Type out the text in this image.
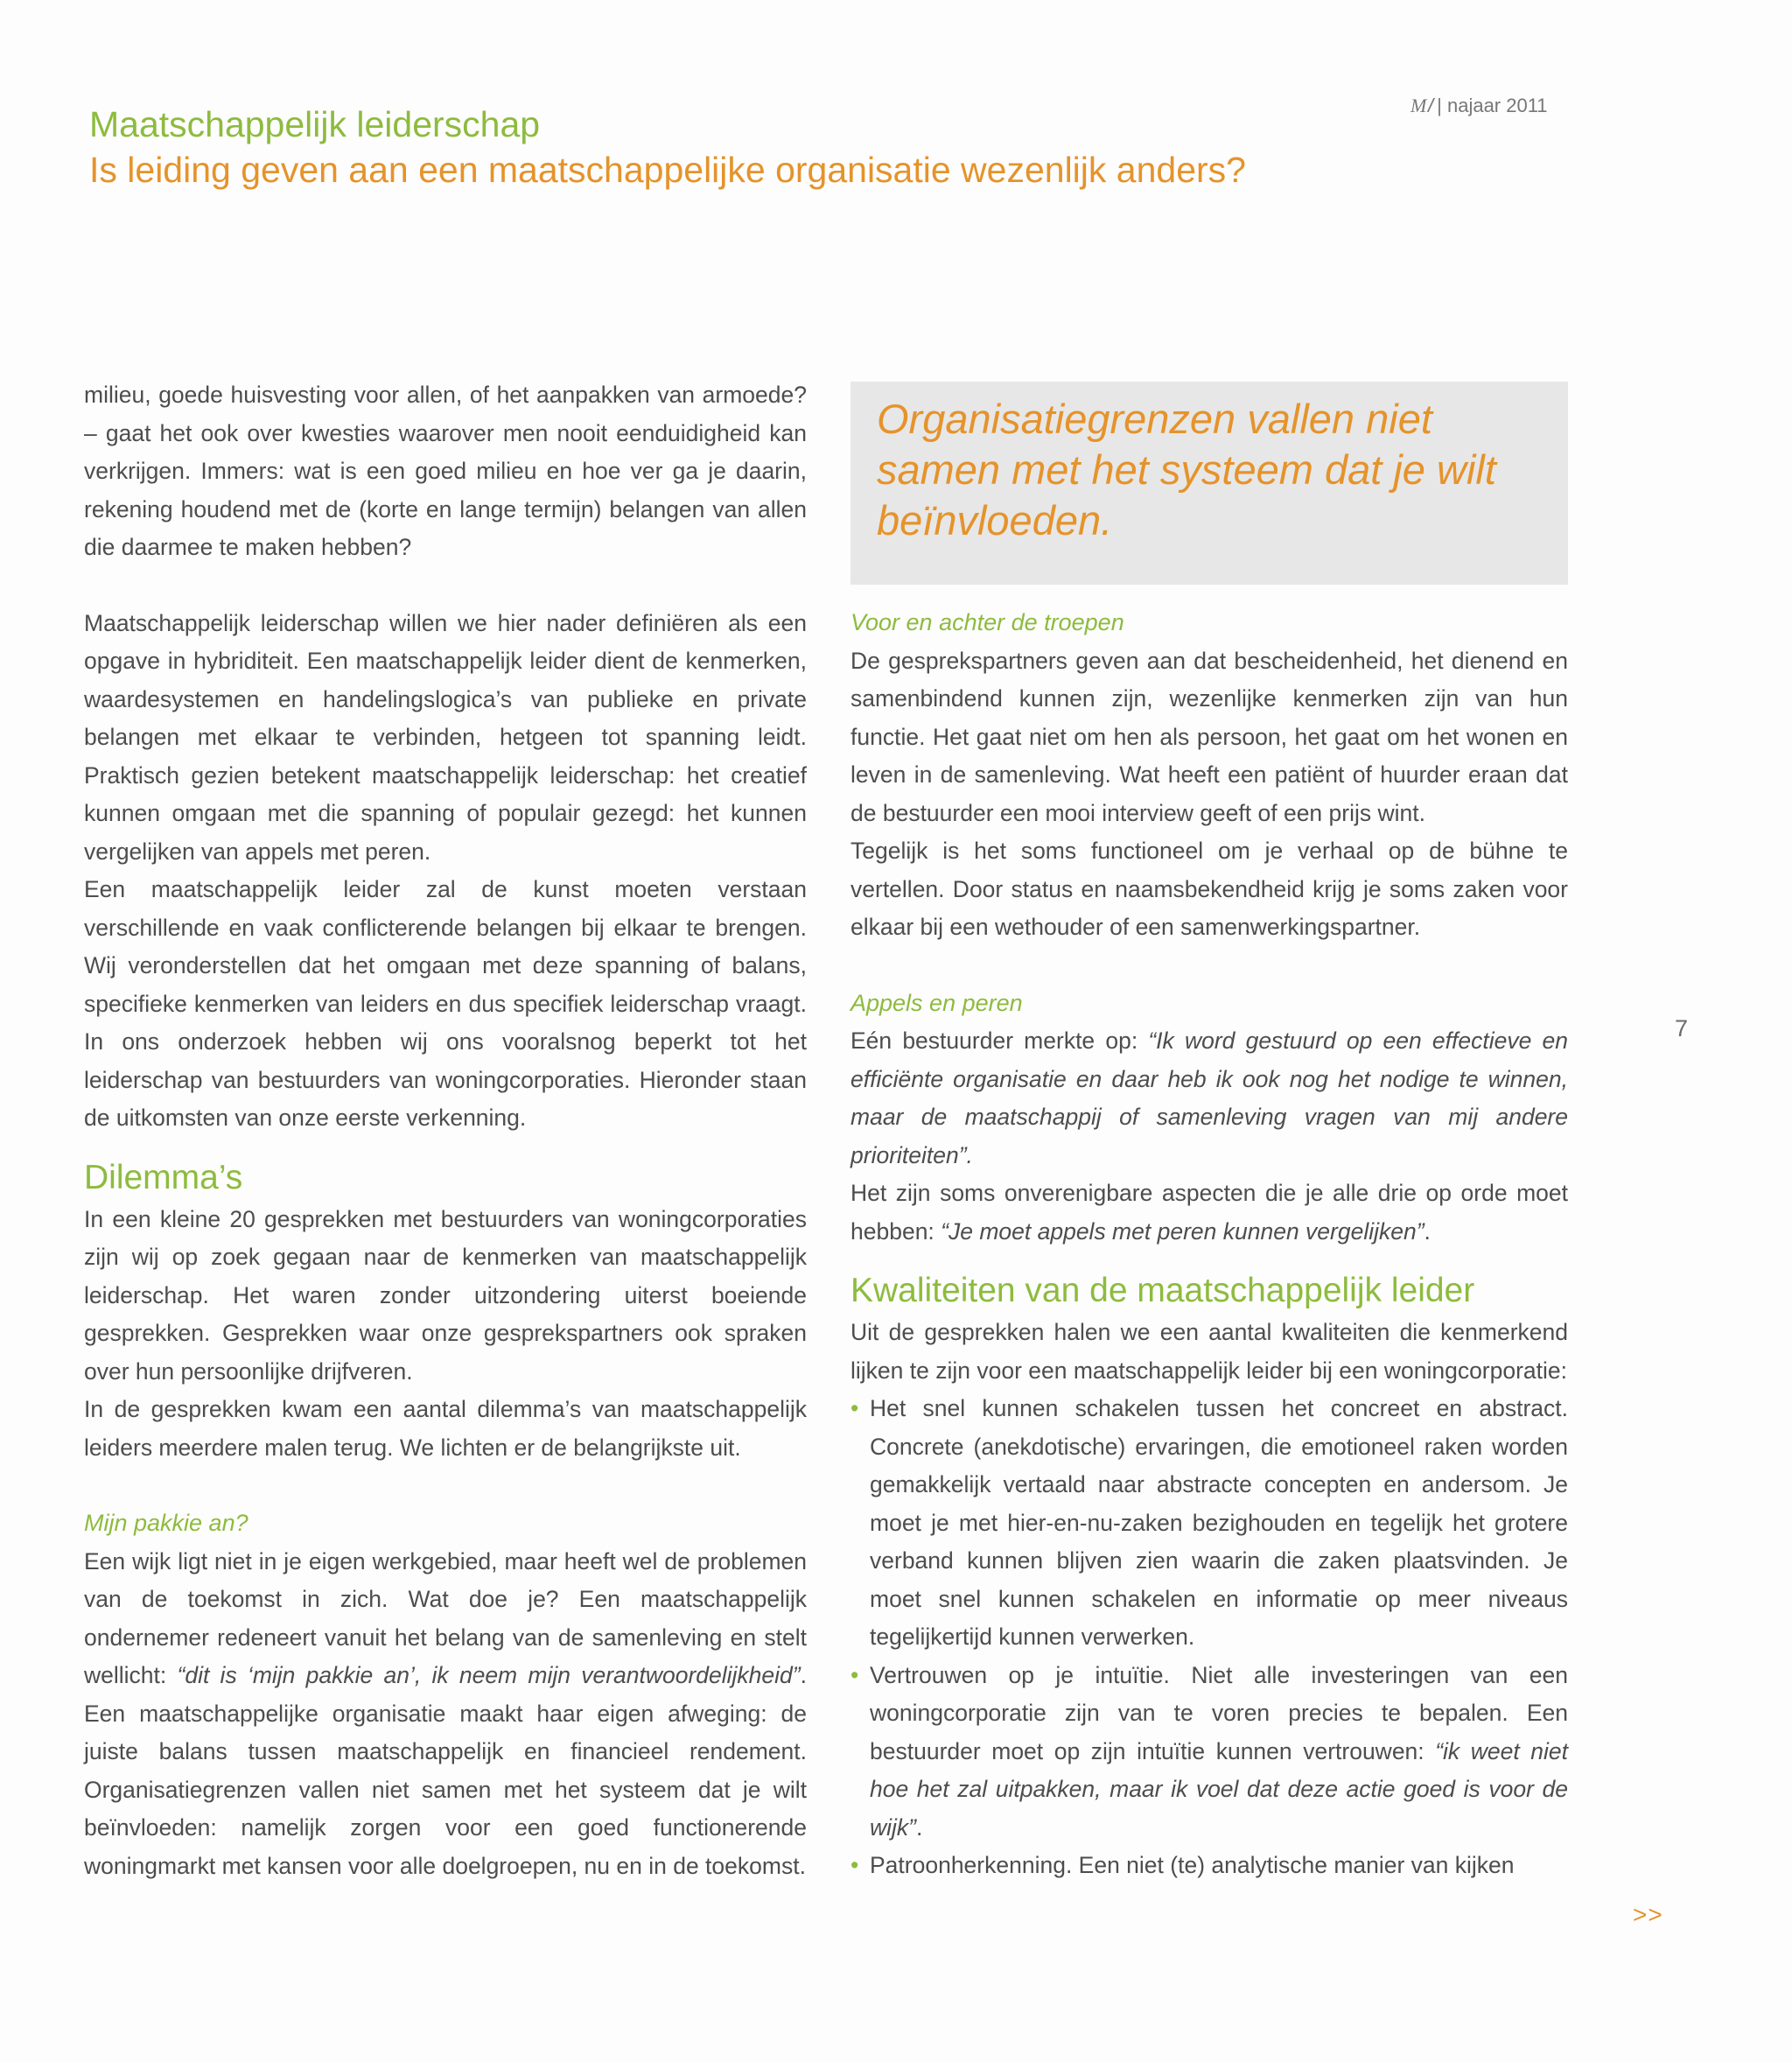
Maatschappelijk leiderschap
Is leiding geven aan een maatschappelijke organisatie wezenlijk anders?
M𝑙 | najaar 2011
Organisatiegrenzen vallen niet samen met het systeem dat je wilt beïnvloeden.

milieu, goede huisvesting voor allen, of het aanpakken van armoede? – gaat het ook over kwesties waarover men nooit eenduidigheid kan verkrijgen. Immers: wat is een goed milieu en hoe ver ga je daarin, rekening houdend met de (korte en lange termijn) belangen van allen die daarmee te maken hebben?

Maatschappelijk leiderschap willen we hier nader definiëren als een opgave in hybriditeit. Een maatschappelijk leider dient de kenmerken, waardesystemen en handelingslogica’s van publieke en private belangen met elkaar te verbinden, hetgeen tot spanning leidt. Praktisch gezien betekent maatschappelijk leiderschap: het creatief kunnen omgaan met die spanning of populair gezegd: het kunnen vergelijken van appels met peren.

Een maatschappelijk leider zal de kunst moeten verstaan verschillende en vaak conflicterende belangen bij elkaar te brengen. Wij veronderstellen dat het omgaan met deze spanning of balans, specifieke kenmerken van leiders en dus specifiek leiderschap vraagt. In ons onderzoek hebben wij ons vooralsnog beperkt tot het leiderschap van bestuurders van woningcorporaties. Hieronder staan de uitkomsten van onze eerste verkenning.

Dilemma’s

In een kleine 20 gesprekken met bestuurders van woningcorporaties zijn wij op zoek gegaan naar de kenmerken van maatschappelijk leiderschap. Het waren zonder uitzondering uiterst boeiende gesprekken. Gesprekken waar onze gesprekspartners ook spraken over hun persoonlijke drijfveren.

In de gesprekken kwam een aantal dilemma’s van maatschappelijk leiders meerdere malen terug. We lichten er de belangrijkste uit.

Mijn pakkie an?

Een wijk ligt niet in je eigen werkgebied, maar heeft wel de problemen van de toekomst in zich. Wat doe je? Een maatschappelijk ondernemer redeneert vanuit het belang van de samenleving en stelt wellicht: “dit is ‘mijn pakkie an’, ik neem mijn verantwoordelijkheid”. Een maatschappelijke organisatie maakt haar eigen afweging: de juiste balans tussen maatschappelijk en financieel rendement. Organisatiegrenzen vallen niet samen met het systeem dat je wilt beïnvloeden: namelijk zorgen voor een goed functionerende woningmarkt met kansen voor alle doelgroepen, nu en in de toekomst.

Voor en achter de troepen

De gesprekspartners geven aan dat bescheidenheid, het dienend en samenbindend kunnen zijn, wezenlijke kenmerken zijn van hun functie. Het gaat niet om hen als persoon, het gaat om het wonen en leven in de samenleving. Wat heeft een patiënt of huurder eraan dat de bestuurder een mooi interview geeft of een prijs wint.

Tegelijk is het soms functioneel om je verhaal op de bühne te vertellen. Door status en naamsbekendheid krijg je soms zaken voor elkaar bij een wethouder of een samenwerkingspartner.

Appels en peren

Eén bestuurder merkte op: “Ik word gestuurd op een effectieve en efficiënte organisatie en daar heb ik ook nog het nodige te winnen, maar de maatschappij of samenleving vragen van mij andere prioriteiten”.

Het zijn soms onverenigbare aspecten die je alle drie op orde moet hebben: “Je moet appels met peren kunnen vergelijken”.

Kwaliteiten van de maatschappelijk leider

Uit de gesprekken halen we een aantal kwaliteiten die kenmerkend lijken te zijn voor een maatschappelijk leider bij een woningcorporatie:

• Het snel kunnen schakelen tussen het concreet en abstract. Concrete (anekdotische) ervaringen, die emotioneel raken worden gemakkelijk vertaald naar abstracte concepten en andersom. Je moet je met hier-en-nu-zaken bezighouden en tegelijk het grotere verband kunnen blijven zien waarin die zaken plaatsvinden. Je moet snel kunnen schakelen en informatie op meer niveaus tegelijkertijd kunnen verwerken.
• Vertrouwen op je intuïtie. Niet alle investeringen van een woningcorporatie zijn van te voren precies te bepalen. Een bestuurder moet op zijn intuïtie kunnen vertrouwen: “ik weet niet hoe het zal uitpakken, maar ik voel dat deze actie goed is voor de wijk”.
• Patroonherkenning. Een niet (te) analytische manier van kijken
7
>>
